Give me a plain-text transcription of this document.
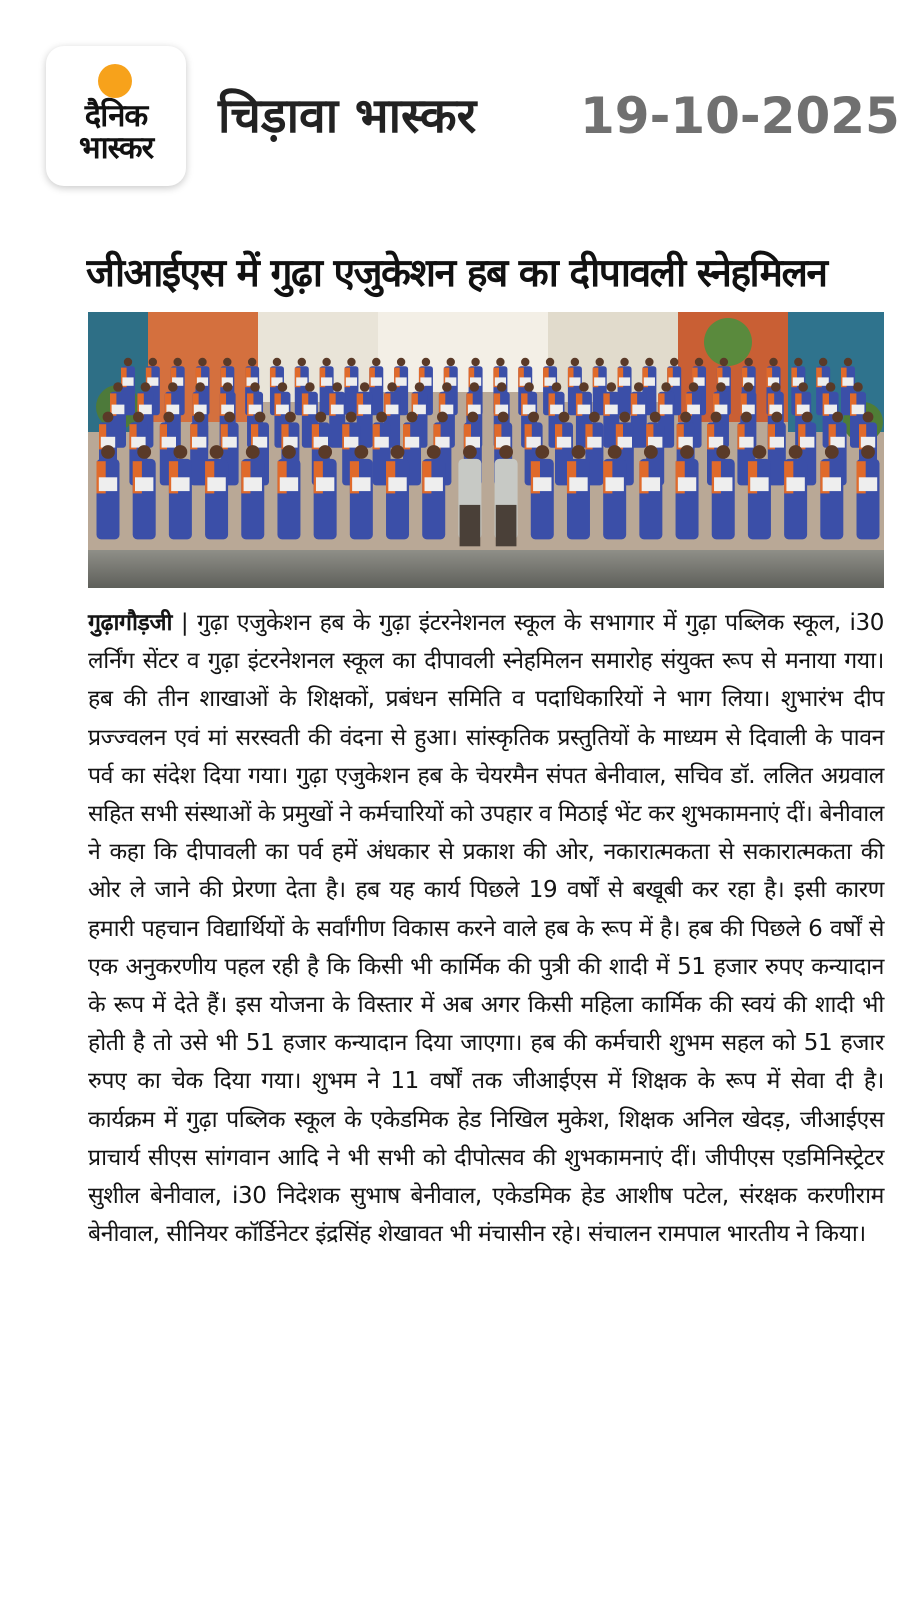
दैनिक
भास्कर
चिड़ावा भास्कर 19-10-2025
जीआईएस में गुढ़ा एजुकेशन हब का दीपावली स्नेहमिलन
गुढ़ागौड़जी | गुढ़ा एजुकेशन हब के गुढ़ा इंटरनेशनल स्कूल के सभागार में गुढ़ा पब्लिक स्कूल, i30 लर्निंग सेंटर व गुढ़ा इंटरनेशनल स्कूल का दीपावली स्नेहमिलन समारोह संयुक्त रूप से मनाया गया। हब की तीन शाखाओं के शिक्षकों, प्रबंधन समिति व पदाधिकारियों ने भाग लिया। शुभारंभ दीप प्रज्ज्वलन एवं मां सरस्वती की वंदना से हुआ। सांस्कृतिक प्रस्तुतियों के माध्यम से दिवाली के पावन पर्व का संदेश दिया गया। गुढ़ा एजुकेशन हब के चेयरमैन संपत बेनीवाल, सचिव डॉ. ललित अग्रवाल सहित सभी संस्थाओं के प्रमुखों ने कर्मचारियों को उपहार व मिठाई भेंट कर शुभकामनाएं दीं। बेनीवाल ने कहा कि दीपावली का पर्व हमें अंधकार से प्रकाश की ओर, नकारात्मकता से सकारात्मकता की ओर ले जाने की प्रेरणा देता है। हब यह कार्य पिछले 19 वर्षों से बखूबी कर रहा है। इसी कारण हमारी पहचान विद्यार्थियों के सर्वांगीण विकास करने वाले हब के रूप में है। हब की पिछले 6 वर्षों से एक अनुकरणीय पहल रही है कि किसी भी कार्मिक की पुत्री की शादी में 51 हजार रुपए कन्यादान के रूप में देते हैं। इस योजना के विस्तार में अब अगर किसी महिला कार्मिक की स्वयं की शादी भी होती है तो उसे भी 51 हजार कन्यादान दिया जाएगा। हब की कर्मचारी शुभम सहल को 51 हजार रुपए का चेक दिया गया। शुभम ने 11 वर्षों तक जीआईएस में शिक्षक के रूप में सेवा दी है। कार्यक्रम में गुढ़ा पब्लिक स्कूल के एकेडमिक हेड निखिल मुकेश, शिक्षक अनिल खेदड़, जीआईएस प्राचार्य सीएस सांगवान आदि ने भी सभी को दीपोत्सव की शुभकामनाएं दीं। जीपीएस एडमिनिस्ट्रेटर सुशील बेनीवाल, i30 निदेशक सुभाष बेनीवाल, एकेडमिक हेड आशीष पटेल, संरक्षक करणीराम बेनीवाल, सीनियर कॉर्डिनेटर इंद्रसिंह शेखावत भी मंचासीन रहे। संचालन रामपाल भारतीय ने किया।
